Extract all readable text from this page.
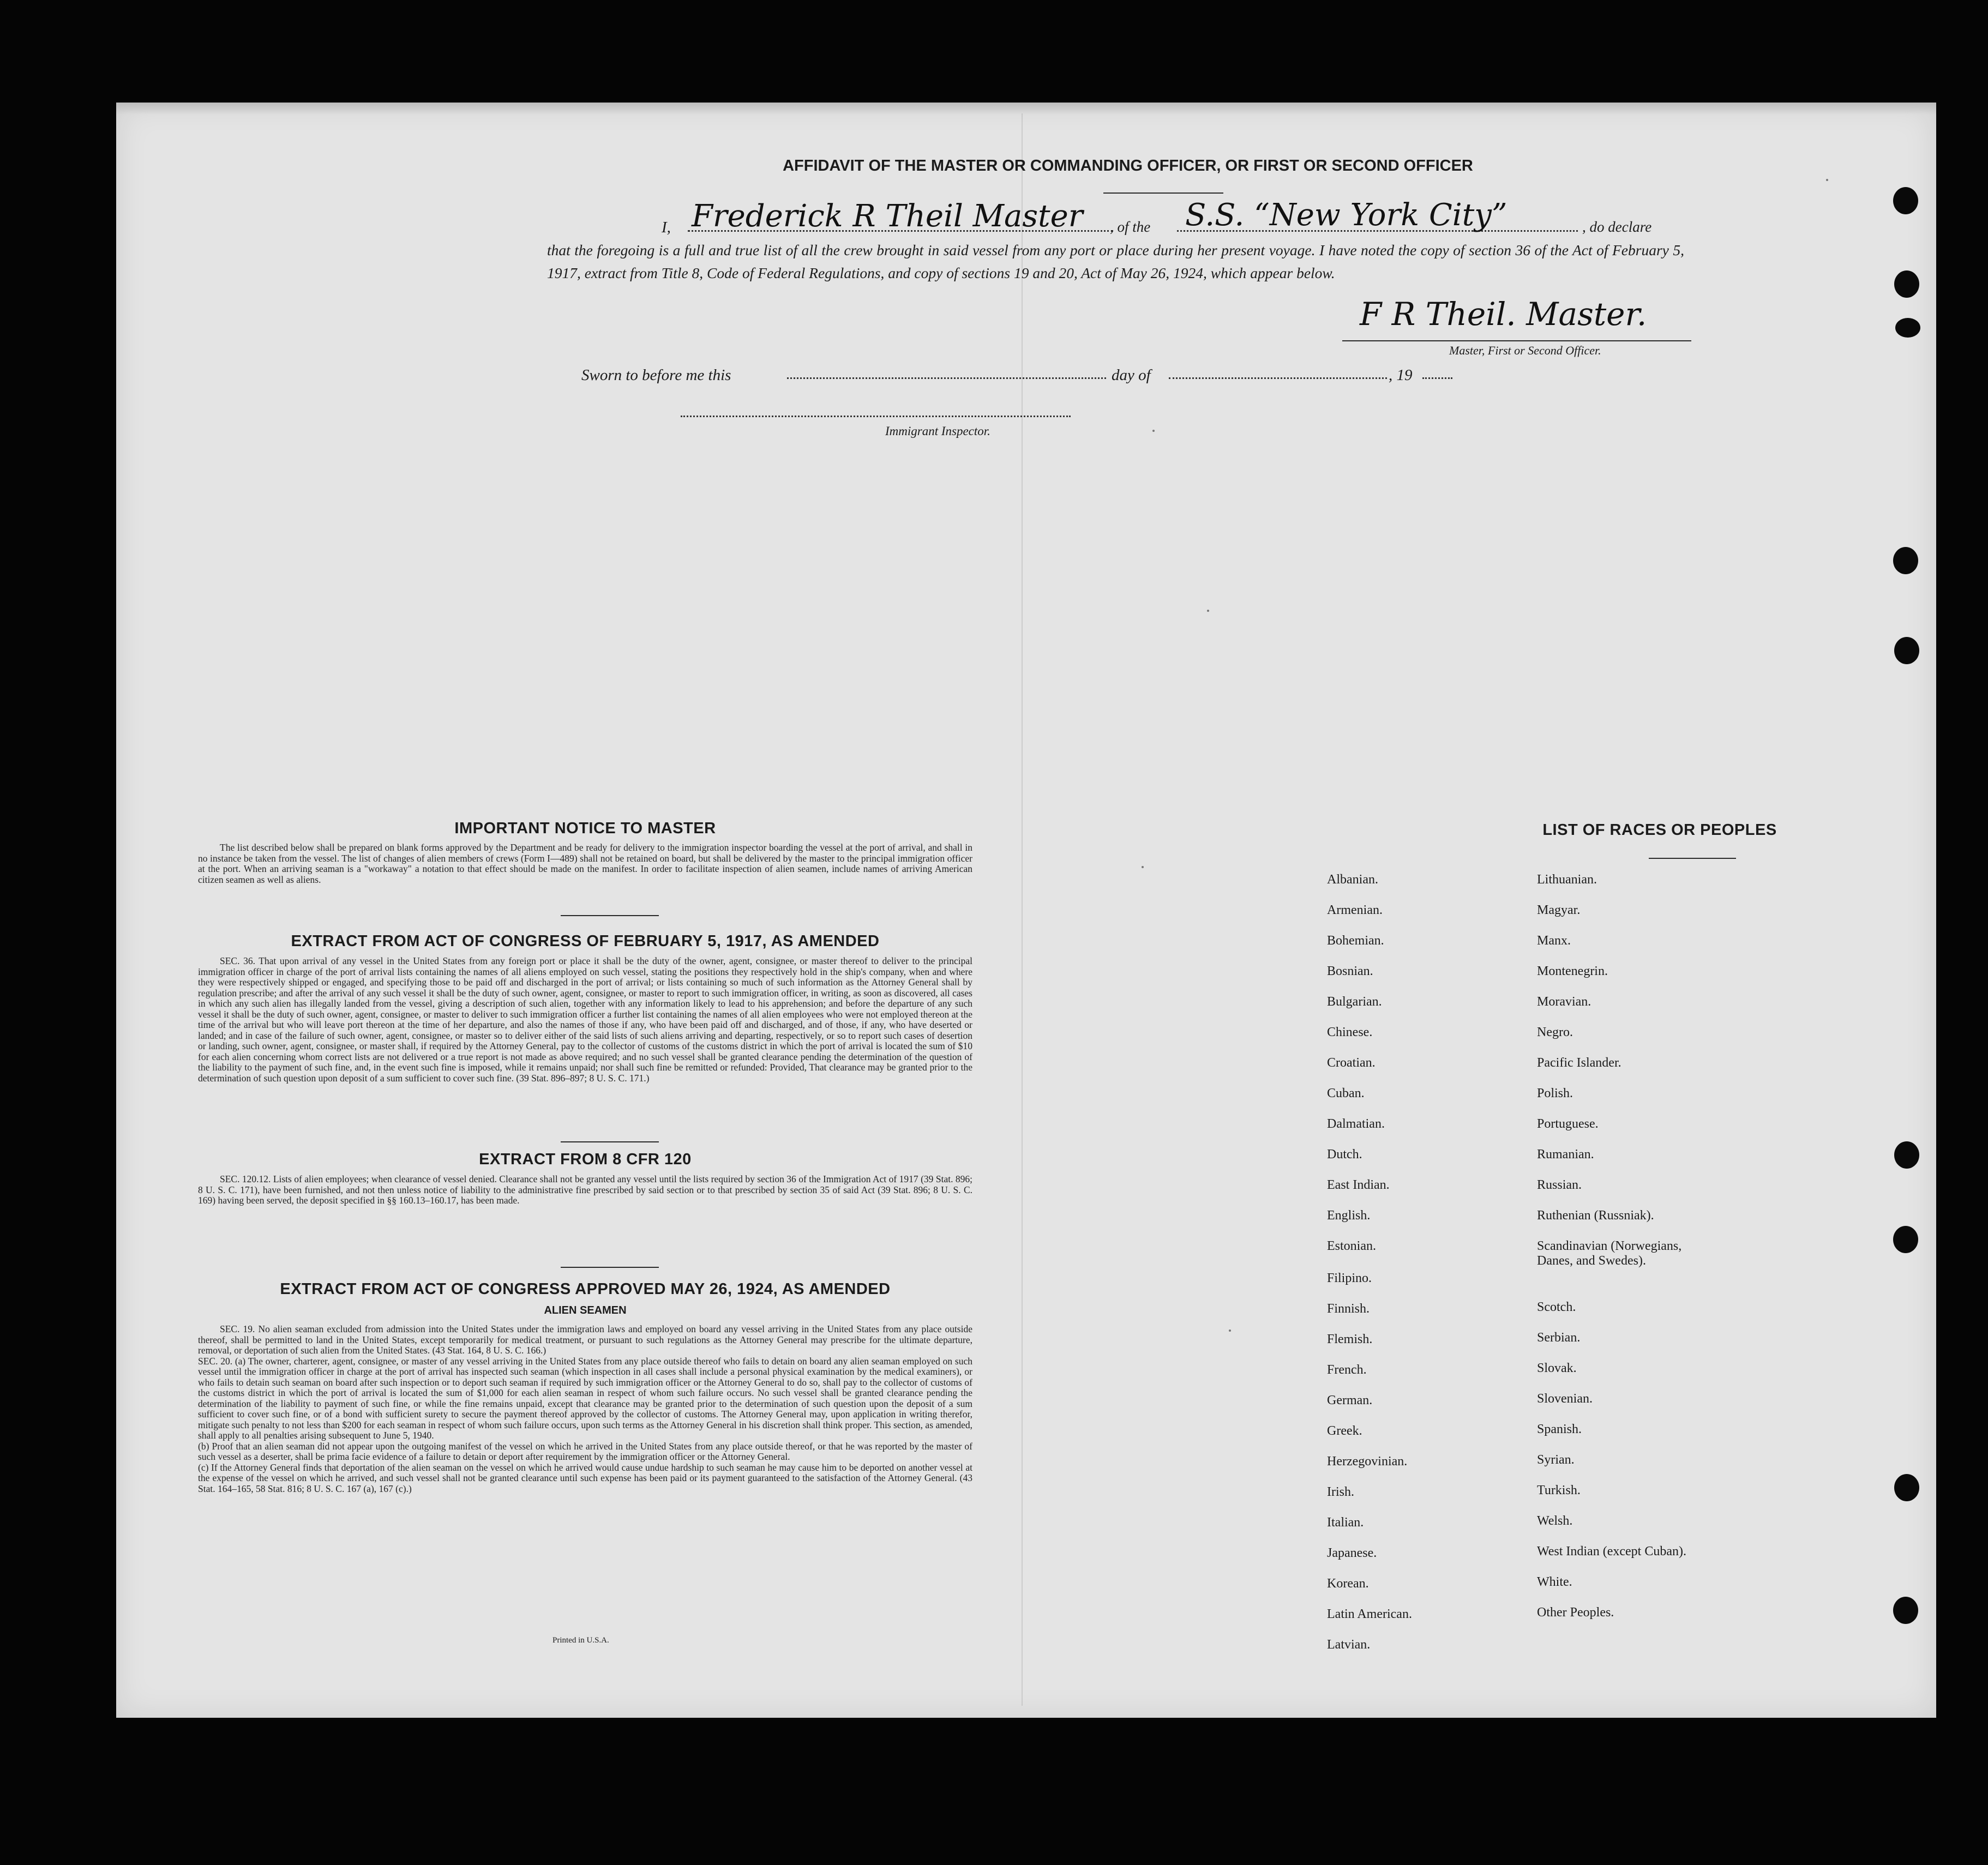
AFFIDAVIT OF THE MASTER OR COMMANDING OFFICER, OR FIRST OR SECOND OFFICER
I, Frederick R Theil Master , of the S.S. “New York City”	, do declare
that the foregoing is a full and true list of all the crew brought in said vessel from any port or place during her present voyage. I have noted the copy of section 36 of the Act of February 5, 1917, extract from Title 8, Code of Federal Regulations, and copy of sections 19 and 20, Act of May 26, 1924, which appear below.
F R Theil. Master.
Master, First or Second Officer.
Sworn to before me this	day of	, 19
Immigrant Inspector.
IMPORTANT NOTICE TO MASTER
The list described below shall be prepared on blank forms approved by the Department and be ready for delivery to the immigration inspector boarding the vessel at the port of arrival, and shall in no instance be taken from the vessel. The list of changes of alien members of crews (Form I—489) shall not be retained on board, but shall be delivered by the master to the principal immigration officer at the port. When an arriving seaman is a "workaway" a notation to that effect should be made on the manifest. In order to facilitate inspection of alien seamen, include names of arriving American citizen seamen as well as aliens.
EXTRACT FROM ACT OF CONGRESS OF FEBRUARY 5, 1917, AS AMENDED
SEC. 36. That upon arrival of any vessel in the United States from any foreign port or place it shall be the duty of the owner, agent, consignee, or master thereof to deliver to the principal immigration officer in charge of the port of arrival lists containing the names of all aliens employed on such vessel, stating the positions they respectively hold in the ship's company, when and where they were respectively shipped or engaged, and specifying those to be paid off and discharged in the port of arrival; or lists containing so much of such information as the Attorney General shall by regulation prescribe; and after the arrival of any such vessel it shall be the duty of such owner, agent, consignee, or master to report to such immigration officer, in writing, as soon as discovered, all cases in which any such alien has illegally landed from the vessel, giving a description of such alien, together with any information likely to lead to his apprehension; and before the departure of any such vessel it shall be the duty of such owner, agent, consignee, or master to deliver to such immigration officer a further list containing the names of all alien employees who were not employed thereon at the time of the arrival but who will leave port thereon at the time of her departure, and also the names of those if any, who have been paid off and discharged, and of those, if any, who have deserted or landed; and in case of the failure of such owner, agent, consignee, or master so to deliver either of the said lists of such aliens arriving and departing, respectively, or so to report such cases of desertion or landing, such owner, agent, consignee, or master shall, if required by the Attorney General, pay to the collector of customs of the customs district in which the port of arrival is located the sum of $10 for each alien concerning whom correct lists are not delivered or a true report is not made as above required; and no such vessel shall be granted clearance pending the determination of the question of the liability to the payment of such fine, and, in the event such fine is imposed, while it remains unpaid; nor shall such fine be remitted or refunded: Provided, That clearance may be granted prior to the determination of such question upon deposit of a sum sufficient to cover such fine. (39 Stat. 896–897; 8 U. S. C. 171.)
EXTRACT FROM 8 CFR 120
SEC. 120.12. Lists of alien employees; when clearance of vessel denied. Clearance shall not be granted any vessel until the lists required by section 36 of the Immigration Act of 1917 (39 Stat. 896; 8 U. S. C. 171), have been furnished, and not then unless notice of liability to the administrative fine prescribed by said section or to that prescribed by section 35 of said Act (39 Stat. 896; 8 U. S. C. 169) having been served, the deposit specified in §§ 160.13–160.17, has been made.
EXTRACT FROM ACT OF CONGRESS APPROVED MAY 26, 1924, AS AMENDED
ALIEN SEAMEN
SEC. 19. No alien seaman excluded from admission into the United States under the immigration laws and employed on board any vessel arriving in the United States from any place outside thereof, shall be permitted to land in the United States, except temporarily for medical treatment, or pursuant to such regulations as the Attorney General may prescribe for the ultimate departure, removal, or deportation of such alien from the United States. (43 Stat. 164, 8 U. S. C. 166.)
SEC. 20. (a) The owner, charterer, agent, consignee, or master of any vessel arriving in the United States from any place outside thereof who fails to detain on board any alien seaman employed on such vessel until the immigration officer in charge at the port of arrival has inspected such seaman (which inspection in all cases shall include a personal physical examination by the medical examiners), or who fails to detain such seaman on board after such inspection or to deport such seaman if required by such immigration officer or the Attorney General to do so, shall pay to the collector of customs of the customs district in which the port of arrival is located the sum of $1,000 for each alien seaman in respect of whom such failure occurs. No such vessel shall be granted clearance pending the determination of the liability to payment of such fine, or while the fine remains unpaid, except that clearance may be granted prior to the determination of such question upon the deposit of a sum sufficient to cover such fine, or of a bond with sufficient surety to secure the payment thereof approved by the collector of customs. The Attorney General may, upon application in writing therefor, mitigate such penalty to not less than $200 for each seaman in respect of whom such failure occurs, upon such terms as the Attorney General in his discretion shall think proper. This section, as amended, shall apply to all penalties arising subsequent to June 5, 1940.
(b) Proof that an alien seaman did not appear upon the outgoing manifest of the vessel on which he arrived in the United States from any place outside thereof, or that he was reported by the master of such vessel as a deserter, shall be prima facie evidence of a failure to detain or deport after requirement by the immigration officer or the Attorney General.
(c) If the Attorney General finds that deportation of the alien seaman on the vessel on which he arrived would cause undue hardship to such seaman he may cause him to be deported on another vessel at the expense of the vessel on which he arrived, and such vessel shall not be granted clearance until such expense has been paid or its payment guaranteed to the satisfaction of the Attorney General. (43 Stat. 164–165, 58 Stat. 816; 8 U. S. C. 167 (a), 167 (c).)
Printed in U.S.A.
LIST OF RACES OR PEOPLES
Albanian.
Armenian.
Bohemian.
Bosnian.
Bulgarian.
Chinese.
Croatian.
Cuban.
Dalmatian.
Dutch.
East Indian.
English.
Estonian.
Filipino.
Finnish.
Flemish.
French.
German.
Greek.
Herzegovinian.
Irish.
Italian.
Japanese.
Korean.
Latin American.
Latvian.
Lithuanian.
Magyar.
Manx.
Montenegrin.
Moravian.
Negro.
Pacific Islander.
Polish.
Portuguese.
Rumanian.
Russian.
Ruthenian (Russniak).
Scandinavian (Norwegians,
Danes, and Swedes).
Scotch.
Serbian.
Slovak.
Slovenian.
Spanish.
Syrian.
Turkish.
Welsh.
West Indian (except Cuban).
White.
Other Peoples.
